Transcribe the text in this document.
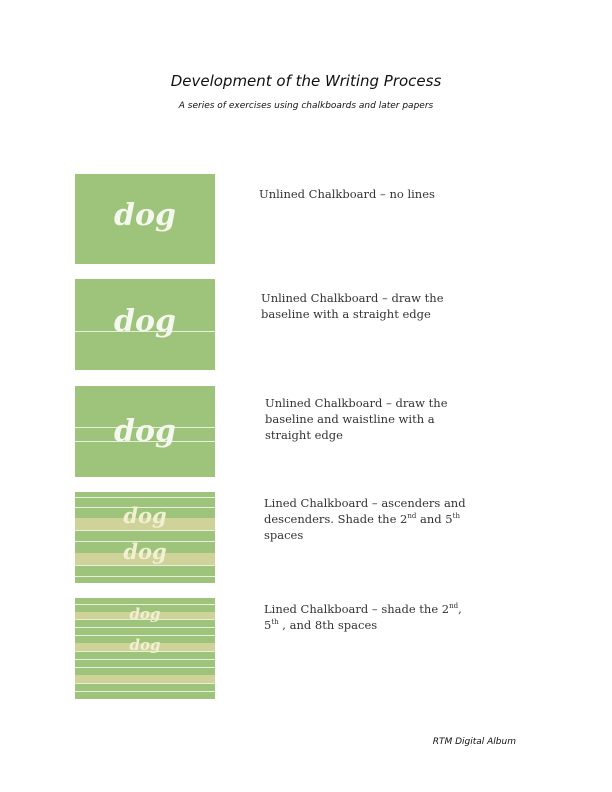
Development of the Writing Process
A series of exercises using chalkboards and later papers
dog
Unlined Chalkboard – no lines
dog
Unlined Chalkboard – draw the
baseline with a straight edge
dog
Unlined Chalkboard – draw the
baseline and waistline with a
straight edge
dog
dog
Lined Chalkboard – ascenders and
descenders. Shade the 2nd and 5th
spaces
dog
dog
Lined Chalkboard – shade the 2nd,
5th , and 8th spaces
RTM Digital Album
